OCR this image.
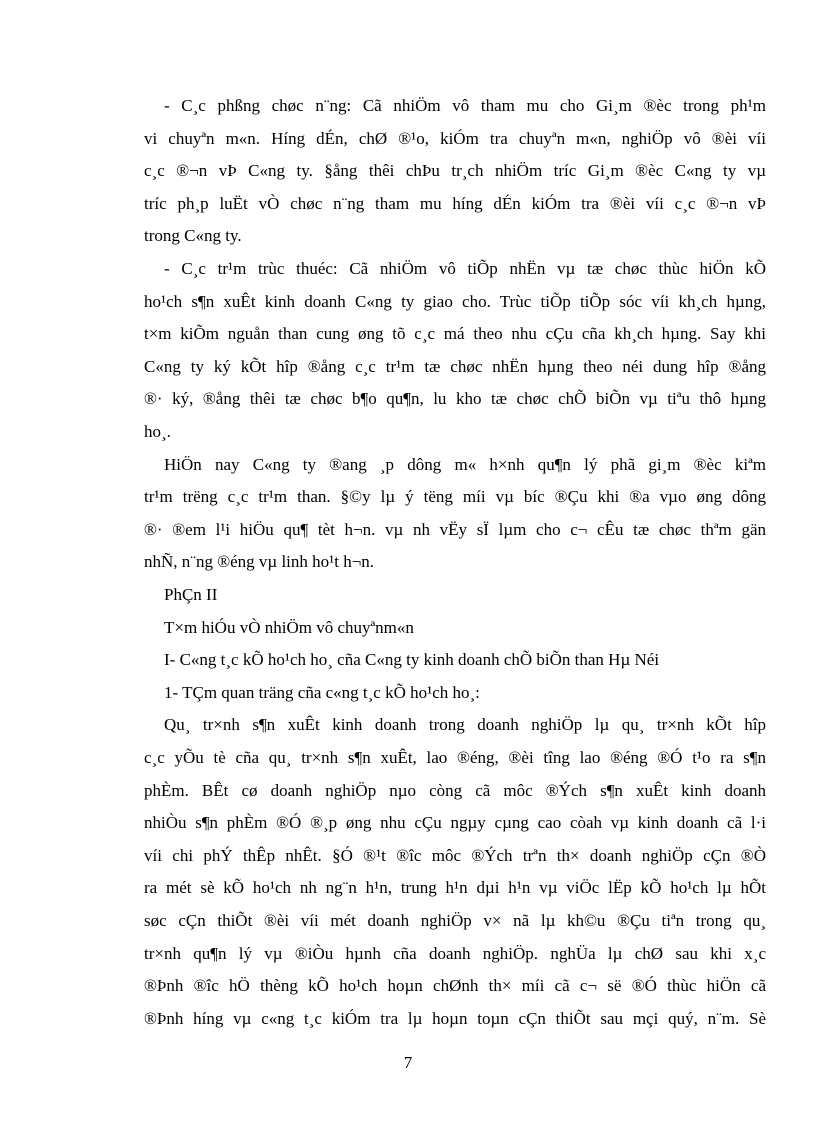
- C¸c phßng chøc n¨ng: Cã nhiÖm vô tham mu cho Gi¸m ®èc trong ph¹m
vi chuyªn m«n. Híng dÉn, chØ ®¹o, kiÓm tra chuyªn m«n, nghiÖp vô ®èi víi
c¸c ®¬n vÞ C«ng ty. §ång thêi chÞu tr¸ch nhiÖm tríc Gi¸m ®èc C«ng ty vµ
tríc ph¸p luËt vÒ chøc n¨ng tham mu híng dÉn kiÓm tra ®èi víi c¸c ®¬n vÞ
trong C«ng ty.
- C¸c tr¹m trùc thuéc: Cã nhiÖm vô tiÕp nhËn vµ tæ chøc thùc hiÖn kÕ
ho¹ch s¶n xuÊt kinh doanh C«ng ty giao cho. Trùc tiÕp tiÕp sóc víi kh¸ch hµng,
t×m kiÕm nguån than cung øng tõ c¸c má theo nhu cÇu cña kh¸ch hµng. Say khi
C«ng ty ký kÕt hîp ®ång c¸c tr¹m tæ chøc nhËn hµng theo néi dung hîp ®ång
®· ký, ®ång thêi tæ chøc b¶o qu¶n, lu kho tæ chøc chÕ biÕn vµ tiªu thô hµng
ho¸.
HiÖn nay C«ng ty ®ang ¸p dông m« h×nh qu¶n lý phã gi¸m ®èc kiªm
tr¹m trëng c¸c tr¹m than. §©y lµ ý tëng míi vµ bíc ®Çu khi ®a vµo øng dông
®· ®em l¹i hiÖu qu¶ tèt h¬n. vµ nh vËy sÏ lµm cho c¬ cÊu tæ chøc thªm gän
nhÑ, n¨ng ®éng vµ linh ho¹t h¬n.
PhÇn II
T×m hiÓu vÒ nhiÖm vô chuyªnm«n
I- C«ng t¸c kÕ ho¹ch ho¸ cña C«ng ty kinh doanh chÕ biÕn than Hµ Néi
1- TÇm quan träng cña c«ng t¸c kÕ ho¹ch ho¸:
Qu¸ tr×nh s¶n xuÊt kinh doanh trong doanh nghiÖp lµ qu¸ tr×nh kÕt hîp
c¸c yÕu tè cña qu¸ tr×nh s¶n xuÊt, lao ®éng, ®èi tîng lao ®éng ®Ó t¹o ra s¶n
phÈm. BÊt cø doanh nghiÖp nµo còng cã môc ®Ých s¶n xuÊt kinh doanh
nhiÒu s¶n phÈm ®Ó ®¸p øng nhu cÇu ngµy cµng cao còah vµ kinh doanh cã l·i
víi chi phÝ thÊp nhÊt. §Ó ®¹t ®îc môc ®Ých trªn th× doanh nghiÖp cÇn ®Ò
ra mét sè kÕ ho¹ch nh ng¨n h¹n, trung h¹n dµi h¹n vµ viÖc lËp kÕ ho¹ch lµ hÕt
søc cÇn thiÕt ®èi víi mét doanh nghiÖp v× nã lµ kh©u ®Çu tiªn trong qu¸
tr×nh qu¶n lý vµ ®iÒu hµnh cña doanh nghiÖp. nghÜa lµ chØ sau khi x¸c
®Þnh ®îc hÖ thèng kÕ ho¹ch hoµn chØnh th× míi cã c¬ së ®Ó thùc hiÖn cã
®Þnh híng vµ c«ng t¸c kiÓm tra lµ hoµn toµn cÇn thiÕt sau mçi quý, n¨m. Sè
7
